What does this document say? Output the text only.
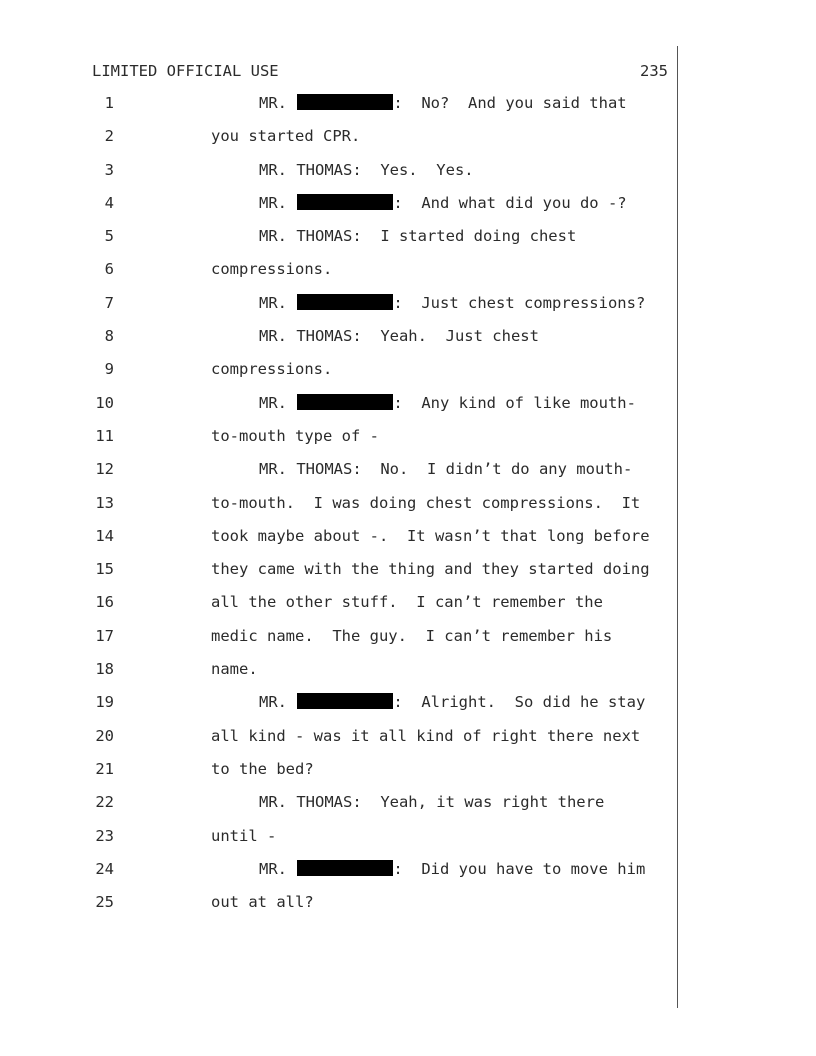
LIMITED OFFICIAL USE	235
1	MR.	:  No?  And you said that
2	you started CPR.
3	MR. THOMAS:  Yes.  Yes.
4	MR.	:  And what did you do -?
5	MR. THOMAS:  I started doing chest
6	compressions.
7	MR.	:  Just chest compressions?
8	MR. THOMAS:  Yeah.  Just chest
9	compressions.
10	MR.	:  Any kind of like mouth-
11	to-mouth type of -
12	MR. THOMAS:  No.  I didn’t do any mouth-
13	to-mouth.  I was doing chest compressions.  It
14	took maybe about -.  It wasn’t that long before
15	they came with the thing and they started doing
16	all the other stuff.  I can’t remember the
17	medic name.  The guy.  I can’t remember his
18	name.
19	MR.	:  Alright.  So did he stay
20	all kind - was it all kind of right there next
21	to the bed?
22	MR. THOMAS:  Yeah, it was right there
23	until -
24	MR.	:  Did you have to move him
25	out at all?
